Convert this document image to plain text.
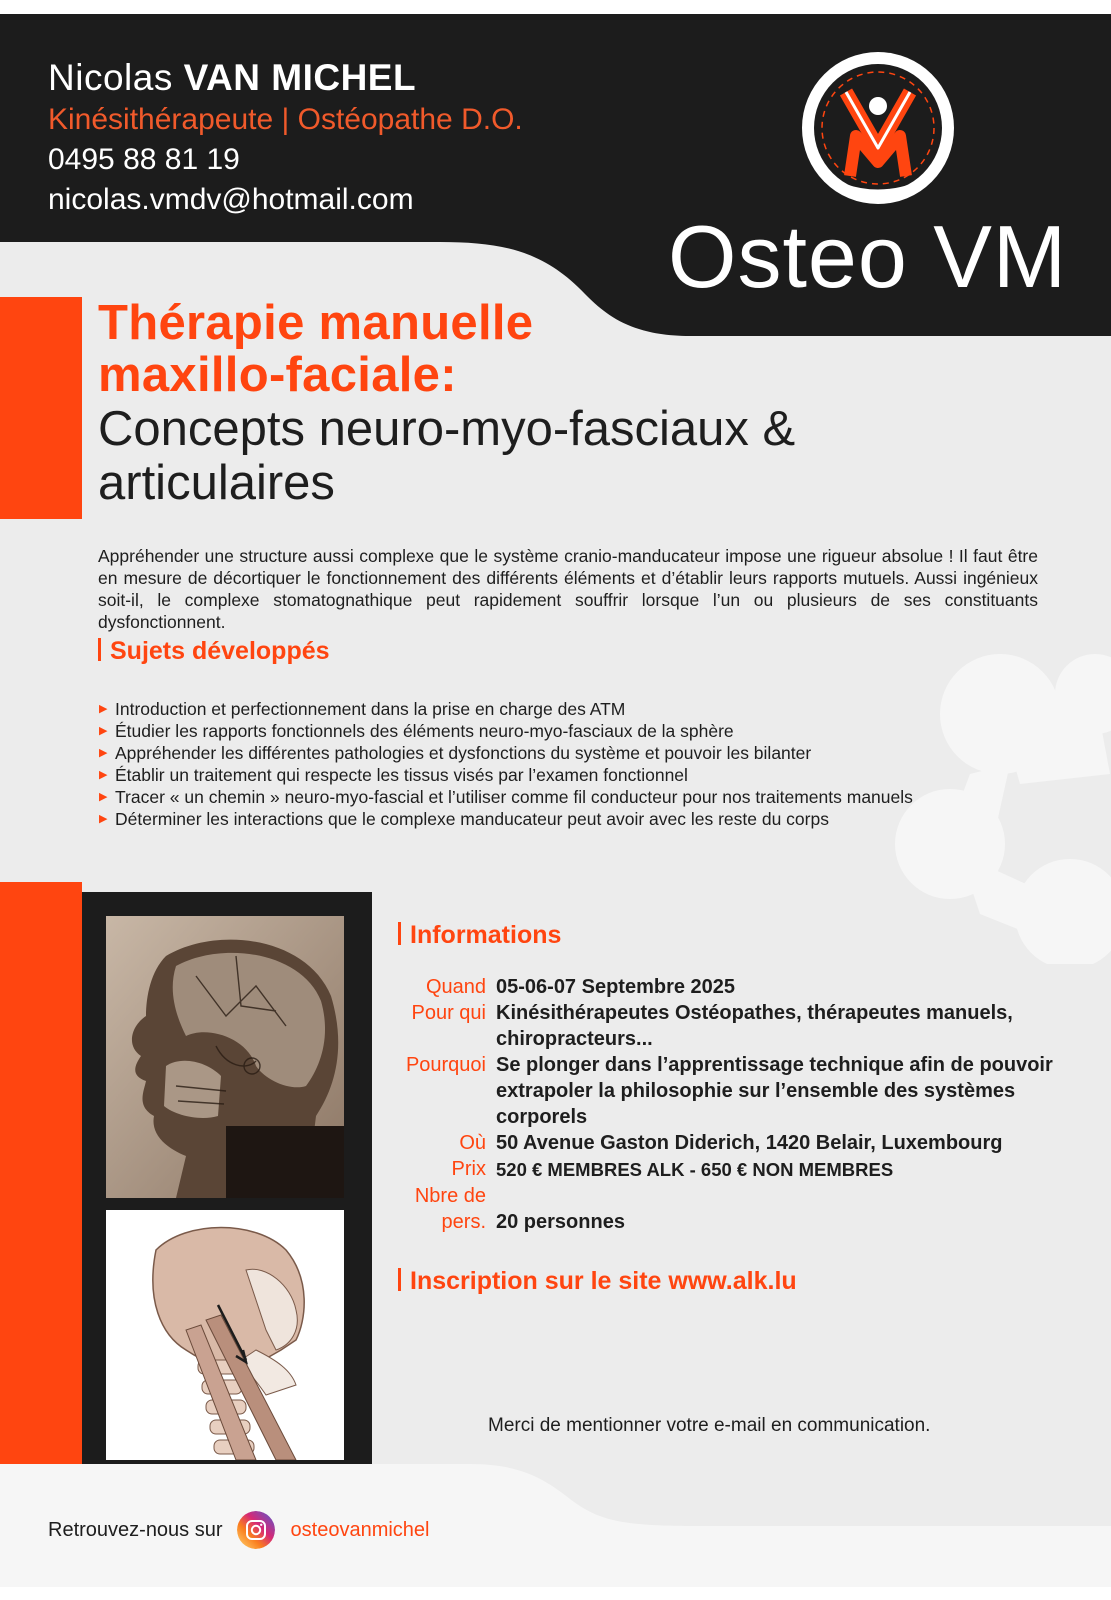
Nicolas VAN MICHEL
Kinésithérapeute | Ostéopathe D.O.
0495 88 81 19
nicolas.vmdv@hotmail.com
Osteo VM
Thérapie manuelle
maxillo-faciale:
Concepts neuro-myo-fasciaux &
articulaires

Appréhender une structure aussi complexe que le système cranio-manducateur impose une rigueur absolue ! Il faut être en mesure de décortiquer le fonctionnement des différents éléments et d’établir leurs rapports mutuels. Aussi ingénieux soit-il, le complexe stomatognathique peut rapidement souffrir lorsque l’un ou plusieurs de ses constituants dysfonctionnent.

Sujets développés
▶ Introduction et perfectionnement dans la prise en charge des ATM
▶ Étudier les rapports fonctionnels des éléments neuro-myo-fasciaux de la sphère
▶ Appréhender les différentes pathologies et dysfonctions du système et pouvoir les bilanter
▶ Établir un traitement qui respecte les tissus visés par l’examen fonctionnel
▶ Tracer « un chemin » neuro-myo-fascial et l’utiliser comme fil conducteur pour nos traitements manuels
▶ Déterminer les interactions que le complexe manducateur peut avoir avec les reste du corps
Informations
Quand 05-06-07 Septembre 2025
Pour qui Kinésithérapeutes Ostéopathes, thérapeutes manuels, chiropracteurs...
Pourquoi Se plonger dans l’apprentissage technique afin de pouvoir extrapoler la philosophie sur l’ensemble des systèmes corporels
Où 50 Avenue Gaston Diderich, 1420 Belair, Luxembourg
Prix 520 € MEMBRES ALK - 650 € NON MEMBRES
Nbre de pers. 20 personnes
Inscription sur le site www.alk.lu
Merci de mentionner votre e-mail en communication.
Retrouvez-nous sur	osteovanmichel
